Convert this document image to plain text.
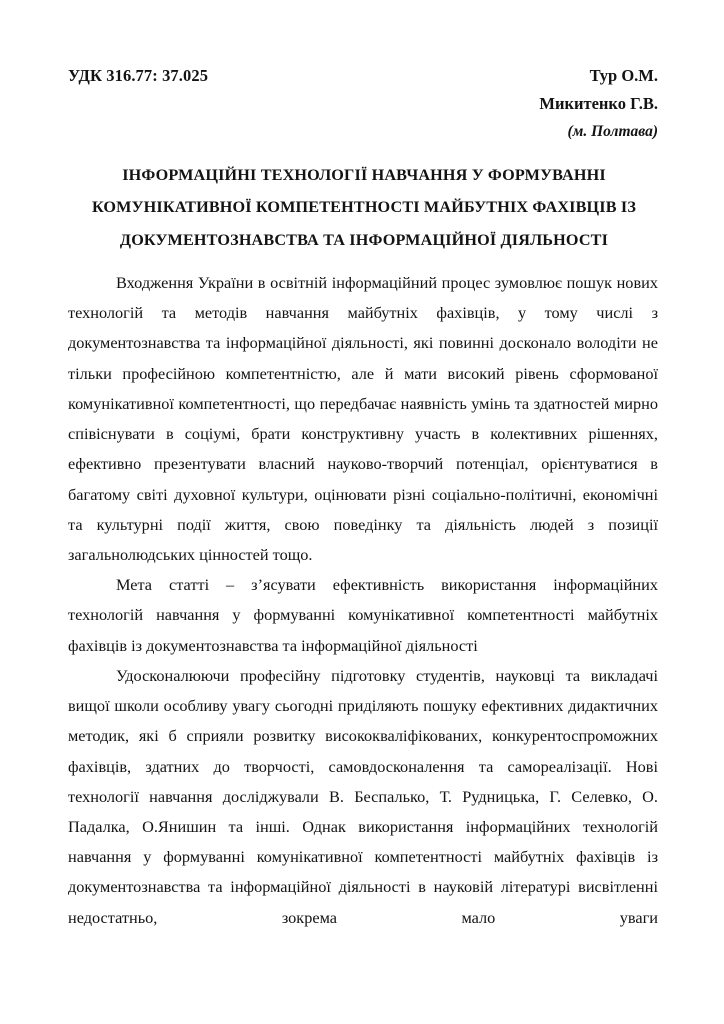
УДК 316.77: 37.025	Тур О.М.
Микитенко Г.В.
(м. Полтава)
ІНФОРМАЦІЙНІ ТЕХНОЛОГІЇ НАВЧАННЯ У ФОРМУВАННІ
КОМУНІКАТИВНОЇ КОМПЕТЕНТНОСТІ МАЙБУТНІХ ФАХІВЦІВ ІЗ
ДОКУМЕНТОЗНАВСТВА ТА ІНФОРМАЦІЙНОЇ ДІЯЛЬНОСТІ

Входження України в освітній інформаційний процес зумовлює пошук нових технологій та методів навчання майбутніх фахівців, у тому числі з документознавства та інформаційної діяльності, які повинні досконало володіти не тільки професійною компетентністю, але й мати високий рівень сформованої комунікативної компетентності, що передбачає наявність умінь та здатностей мирно співіснувати в соціумі, брати конструктивну участь в колективних рішеннях, ефективно презентувати власний науково-творчий потенціал, орієнтуватися в багатому світі духовної культури, оцінювати різні соціально-політичні, економічні та культурні події життя, свою поведінку та діяльність людей з позиції загальнолюдських цінностей тощо.

Мета статті – з’ясувати ефективність використання інформаційних технологій навчання у формуванні комунікативної компетентності майбутніх фахівців із документознавства та інформаційної діяльності

Удосконалюючи професійну підготовку студентів, науковці та викладачі вищої школи особливу увагу сьогодні приділяють пошуку ефективних дидактичних методик, які б сприяли розвитку висококваліфікованих, конкурентоспроможних фахівців, здатних до творчості, самовдосконалення та самореалізації. Нові технології навчання досліджували В. Беспалько, Т. Рудницька, Г. Селевко, О. Падалка, О.Янишин та інші. Однак використання інформаційних технологій навчання у формуванні комунікативної компетентності майбутніх фахівців із документознавства та інформаційної діяльності в науковій літературі висвітленні недостатньо, зокрема мало уваги
